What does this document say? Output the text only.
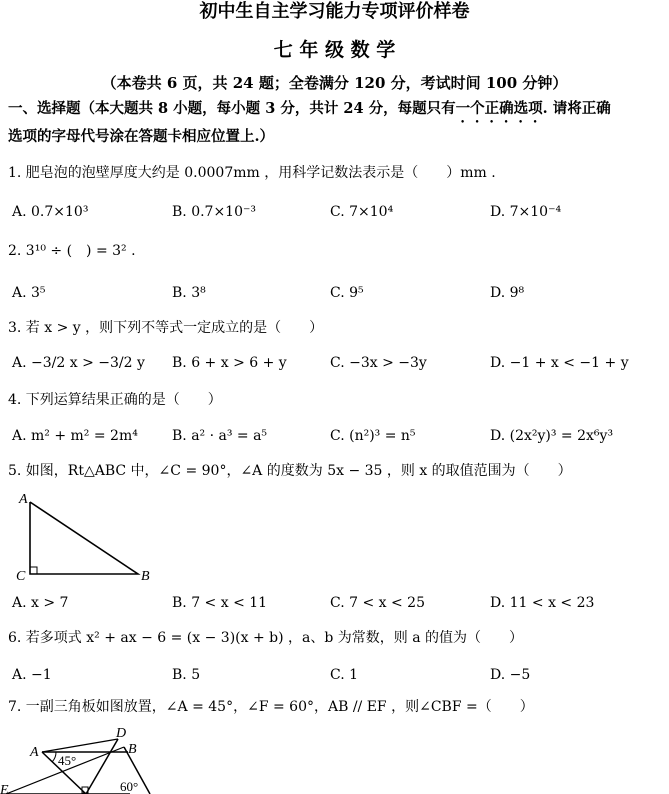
初中生自主学习能力专项评价样卷
七 年 级 数 学
（本卷共 6 页，共 24 题；全卷满分 120 分，考试时间 100 分钟）
一、选择题（本大题共 8 小题，每小题 3 分，共计 24 分，每题只有一个正确选项. 请将正确
选项的字母代号涂在答题卡相应位置上.）
1. 肥皂泡的泡壁厚度大约是 0.0007mm ，用科学记数法表示是（　　）mm .
A. 0.7×10³	B. 0.7×10⁻³	C. 7×10⁴	D. 7×10⁻⁴
2. 3¹⁰ ÷ (　) = 3² .
A. 3⁵	B. 3⁸	C. 9⁵	D. 9⁸
3. 若 x > y ，则下列不等式一定成立的是（　　）
A. −3/2 x > −3/2 y B. 6 + x > 6 + y	C. −3x > −3y	D. −1 + x < −1 + y
4. 下列运算结果正确的是（　　）
A. m² + m² = 2m⁴ B. a² · a³ = a⁵	C. (n²)³ = n⁵	D. (2x²y)³ = 2x⁶y³
5. 如图，Rt△ABC 中，∠C = 90°，∠A 的度数为 5x − 35 ，则 x 的取值范围为（　　）
A
C	B
A. x > 7	B. 7 < x < 11	C. 7 < x < 25	D. 11 < x < 23
6. 若多项式 x² + ax − 6 = (x − 3)(x + b) ，a、b 为常数，则 a 的值为（　　）
A. −1	B. 5	C. 1	D. −5
7. 一副三角板如图放置，∠A = 45°，∠F = 60°，AB // EF ，则∠CBF =（　　）
A
D
B
E
45°
60°
